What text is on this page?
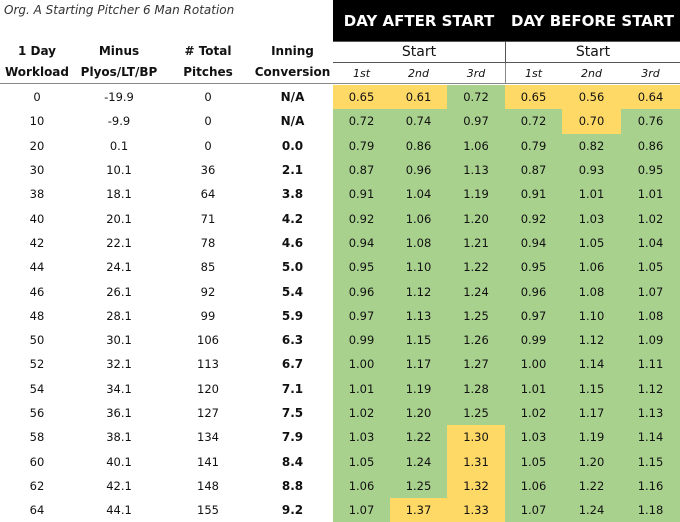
Org. A Starting Pitcher 6 Man Rotation
DAY AFTER START	DAY BEFORE START
Start	Start
1st	2nd	3rd	1st	2nd	3rd
1 Day
Workload
Minus
Plyos/LT/BP
# Total
Pitches
Inning
Conversion
0	-19.9	0	N/A	0.65	0.61	0.72	0.65	0.56	0.64
10	-9.9	0	N/A	0.72	0.74	0.97	0.72	0.70	0.76
20	0.1	0	0.0	0.79	0.86	1.06	0.79	0.82	0.86
30	10.1	36	2.1	0.87	0.96	1.13	0.87	0.93	0.95
38	18.1	64	3.8	0.91	1.04	1.19	0.91	1.01	1.01
40	20.1	71	4.2	0.92	1.06	1.20	0.92	1.03	1.02
42	22.1	78	4.6	0.94	1.08	1.21	0.94	1.05	1.04
44	24.1	85	5.0	0.95	1.10	1.22	0.95	1.06	1.05
46	26.1	92	5.4	0.96	1.12	1.24	0.96	1.08	1.07
48	28.1	99	5.9	0.97	1.13	1.25	0.97	1.10	1.08
50	30.1	106	6.3	0.99	1.15	1.26	0.99	1.12	1.09
52	32.1	113	6.7	1.00	1.17	1.27	1.00	1.14	1.11
54	34.1	120	7.1	1.01	1.19	1.28	1.01	1.15	1.12
56	36.1	127	7.5	1.02	1.20	1.25	1.02	1.17	1.13
58	38.1	134	7.9	1.03	1.22	1.30	1.03	1.19	1.14
60	40.1	141	8.4	1.05	1.24	1.31	1.05	1.20	1.15
62	42.1	148	8.8	1.06	1.25	1.32	1.06	1.22	1.16
64	44.1	155	9.2	1.07	1.37	1.33	1.07	1.24	1.18
